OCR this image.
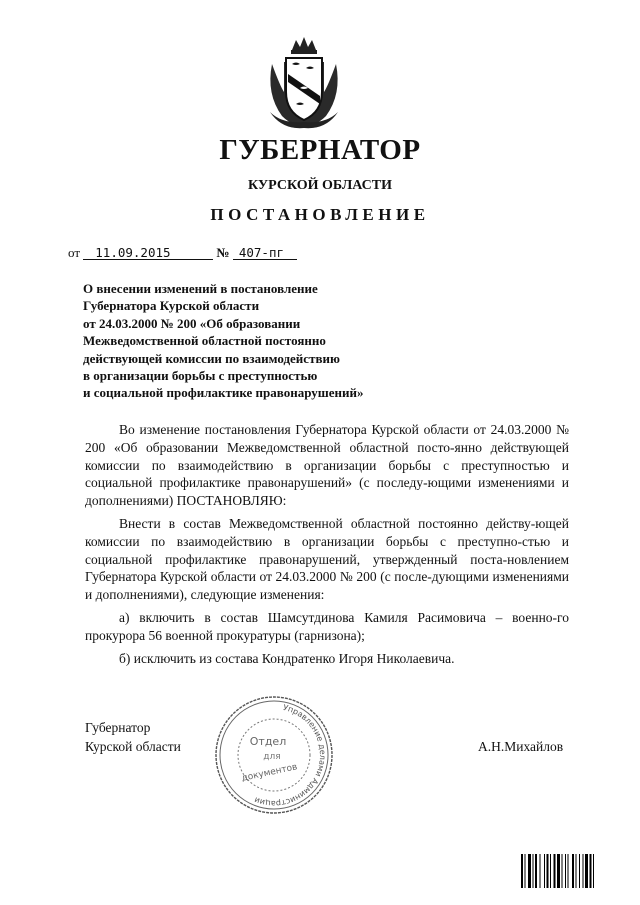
ГУБЕРНАТОР
КУРСКОЙ ОБЛАСТИ
ПОСТАНОВЛЕНИЕ
от 11.09.2015	№ 407-пг
О внесении изменений в постановление
Губернатора Курской области
от 24.03.2000 № 200 «Об образовании
Межведомственной областной постоянно
действующей комиссии по взаимодействию
в организации борьбы с преступностью
и социальной профилактике правонарушений»

Во изменение постановления Губернатора Курской области от 24.03.2000 № 200 «Об образовании Межведомственной областной посто-янно действующей комиссии по взаимодействию в организации борьбы с преступностью и социальной профилактике правонарушений» (с последу-ющими изменениями и дополнениями) ПОСТАНОВЛЯЮ:

Внести в состав Межведомственной областной постоянно действу-ющей комиссии по взаимодействию в организации борьбы с преступно-стью и социальной профилактике правонарушений, утвержденный поста-новлением Губернатора Курской области от 24.03.2000 № 200 (с после-дующими изменениями и дополнениями), следующие изменения:

а) включить в состав Шамсутдинова Камиля Расимовича – военно-го прокурора 56 военной прокуратуры (гарнизона);

б) исключить из состава Кондратенко Игоря Николаевича.

Губернатор
Курской области
Управление делами Администрации
Отдел
для
документов
А.Н.Михайлов
